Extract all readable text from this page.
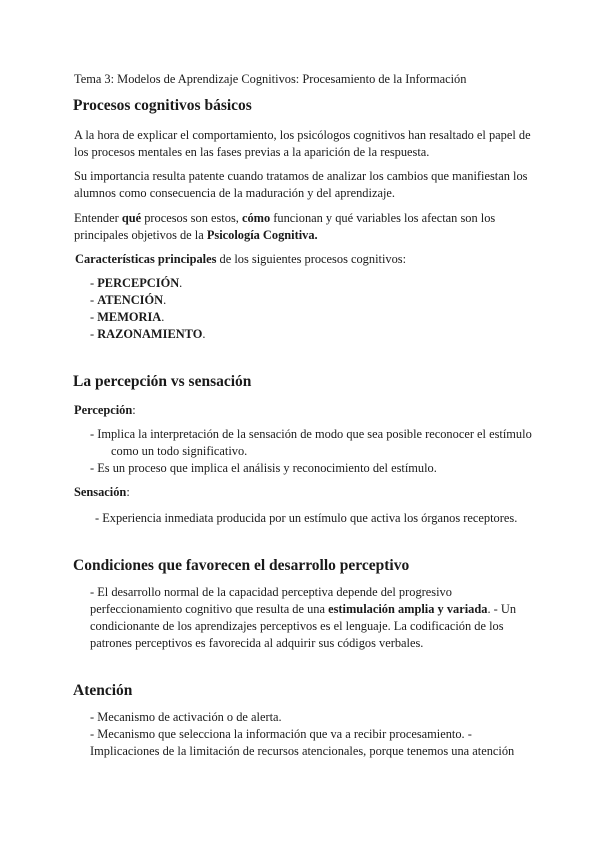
Tema 3: Modelos de Aprendizaje Cognitivos: Procesamiento de la Información
Procesos cognitivos básicos
A la hora de explicar el comportamiento, los psicólogos cognitivos han resaltado el papel de
los procesos mentales en las fases previas a la aparición de la respuesta.
Su importancia resulta patente cuando tratamos de analizar los cambios que manifiestan los
alumnos como consecuencia de la maduración y del aprendizaje.
Entender qué procesos son estos, cómo funcionan y qué variables los afectan son los
principales objetivos de la Psicología Cognitiva.
Características principales de los siguientes procesos cognitivos:
- PERCEPCIÓN.
- ATENCIÓN.
- MEMORIA.
- RAZONAMIENTO.
La percepción vs sensación
Percepción:
- Implica la interpretación de la sensación de modo que sea posible reconocer el estímulo
como un todo significativo.
- Es un proceso que implica el análisis y reconocimiento del estímulo.
Sensación:
- Experiencia inmediata producida por un estímulo que activa los órganos receptores.
Condiciones que favorecen el desarrollo perceptivo
- El desarrollo normal de la capacidad perceptiva depende del progresivo
perfeccionamiento cognitivo que resulta de una estimulación amplia y variada. - Un
condicionante de los aprendizajes perceptivos es el lenguaje. La codificación de los
patrones perceptivos es favorecida al adquirir sus códigos verbales.
Atención
- Mecanismo de activación o de alerta.
- Mecanismo que selecciona la información que va a recibir procesamiento. -
Implicaciones de la limitación de recursos atencionales, porque tenemos una atención
